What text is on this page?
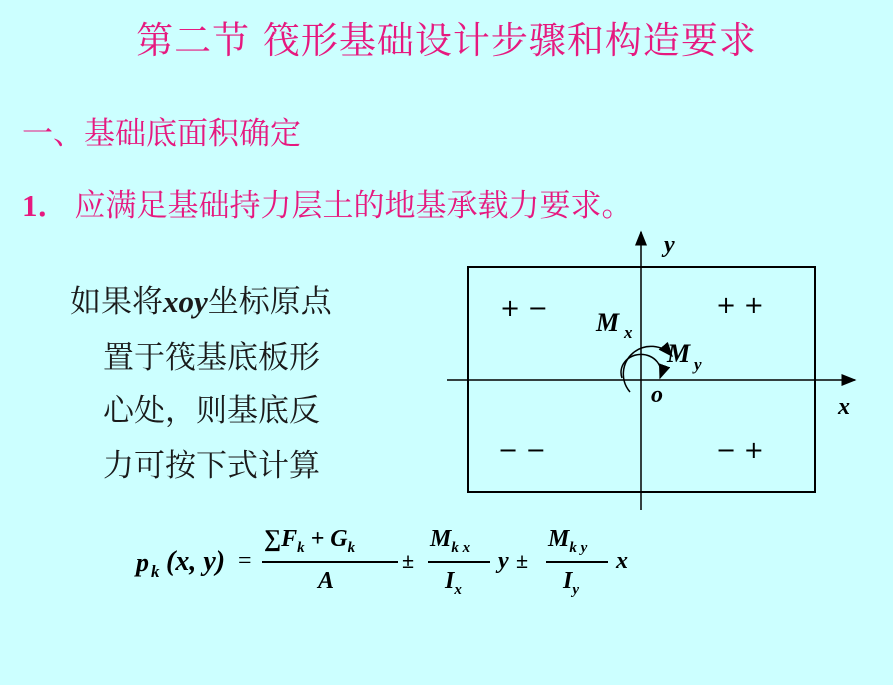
第二节 筏形基础设计步骤和构造要求
一、基础底面积确定
1． 应满足基础持力层土的地基承载力要求。
如果将xoy坐标原点
置于筏基底板形
心处，则基底反
力可按下式计算
y
x
o
M x
M y
+ −	+ +
− −	− +
p k (x, y) =
$\sum F_k + G_k$
A
±
$M_{k x}$
$I_x$
y ±
$M_{k y}$
$I_y$
x
